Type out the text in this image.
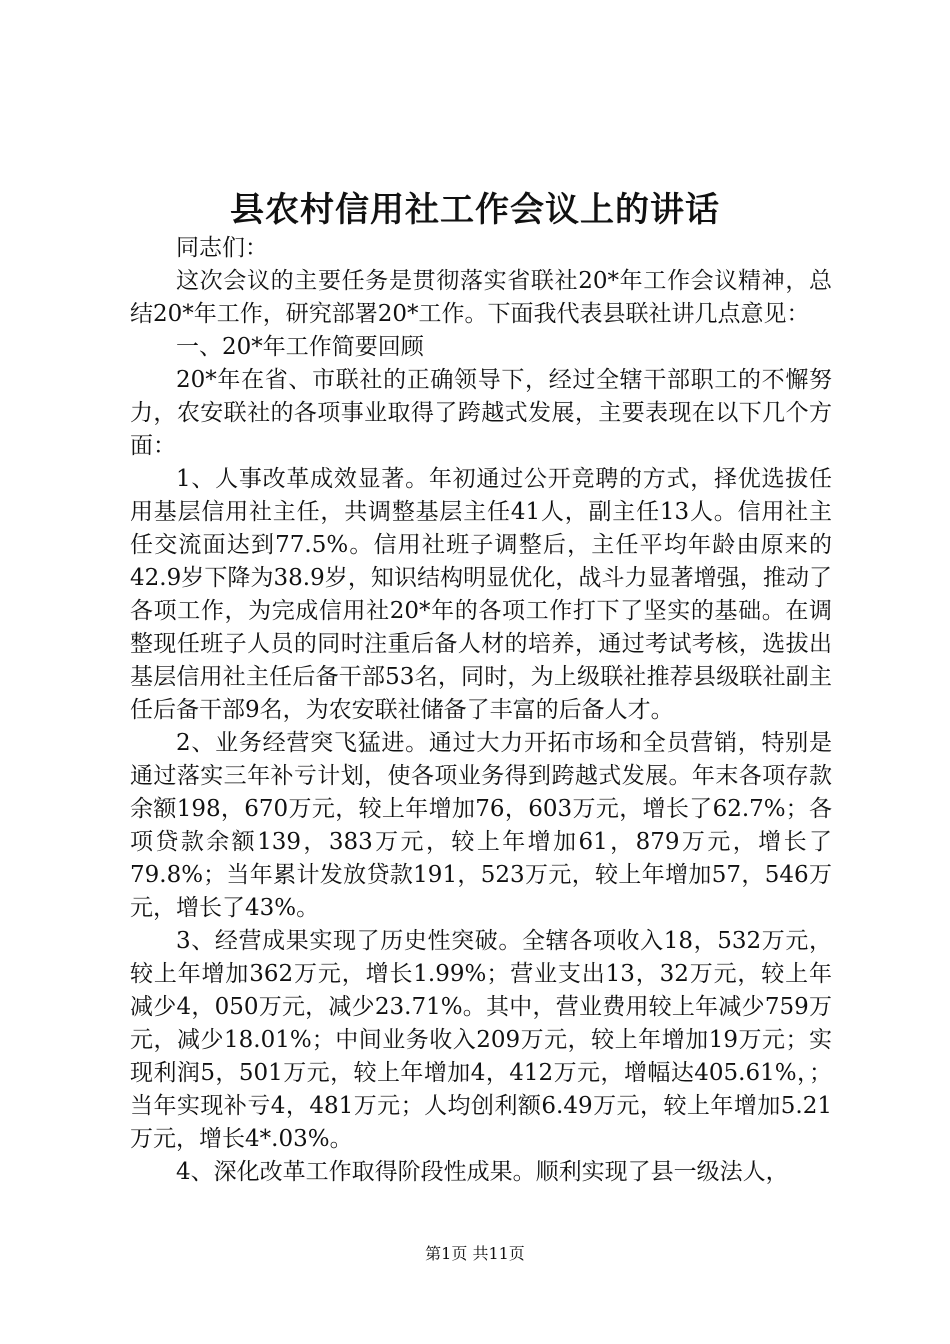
县农村信用社工作会议上的讲话

同志们：

这次会议的主要任务是贯彻落实省联社20*年工作会议精神，总结20*年工作，研究部署20*工作。下面我代表县联社讲几点意见：

一、20*年工作简要回顾

20*年在省、市联社的正确领导下，经过全辖干部职工的不懈努力，农安联社的各项事业取得了跨越式发展，主要表现在以下几个方面：

1、人事改革成效显著。年初通过公开竞聘的方式，择优选拔任用基层信用社主任，共调整基层主任41人，副主任13人。信用社主任交流面达到77.5%。信用社班子调整后，主任平均年龄由原来的42.9岁下降为38.9岁，知识结构明显优化，战斗力显著增强，推动了各项工作，为完成信用社20*年的各项工作打下了坚实的基础。在调整现任班子人员的同时注重后备人材的培养，通过考试考核，选拔出基层信用社主任后备干部53名，同时，为上级联社推荐县级联社副主任后备干部9名，为农安联社储备了丰富的后备人才。

2、业务经营突飞猛进。通过大力开拓市场和全员营销，特别是通过落实三年补亏计划，使各项业务得到跨越式发展。年末各项存款余额198，670万元，较上年增加76，603万元，增长了62.7%；各项贷款余额139，383万元，较上年增加61，879万元，增长了79.8%；当年累计发放贷款191，523万元，较上年增加57，546万元，增长了43%。

3、经营成果实现了历史性突破。全辖各项收入18，532万元，较上年增加362万元，增长1.99%；营业支出13，32万元，较上年减少4，050万元，减少23.71%。其中，营业费用较上年减少759万元，减少18.01%；中间业务收入209万元，较上年增加19万元；实现利润5，501万元，较上年增加4，412万元，增幅达405.61%，；当年实现补亏4，481万元；人均创利额6.49万元，较上年增加5.21万元，增长4*.03%。

4、深化改革工作取得阶段性成果。顺利实现了县一级法人，

第1页 共11页
